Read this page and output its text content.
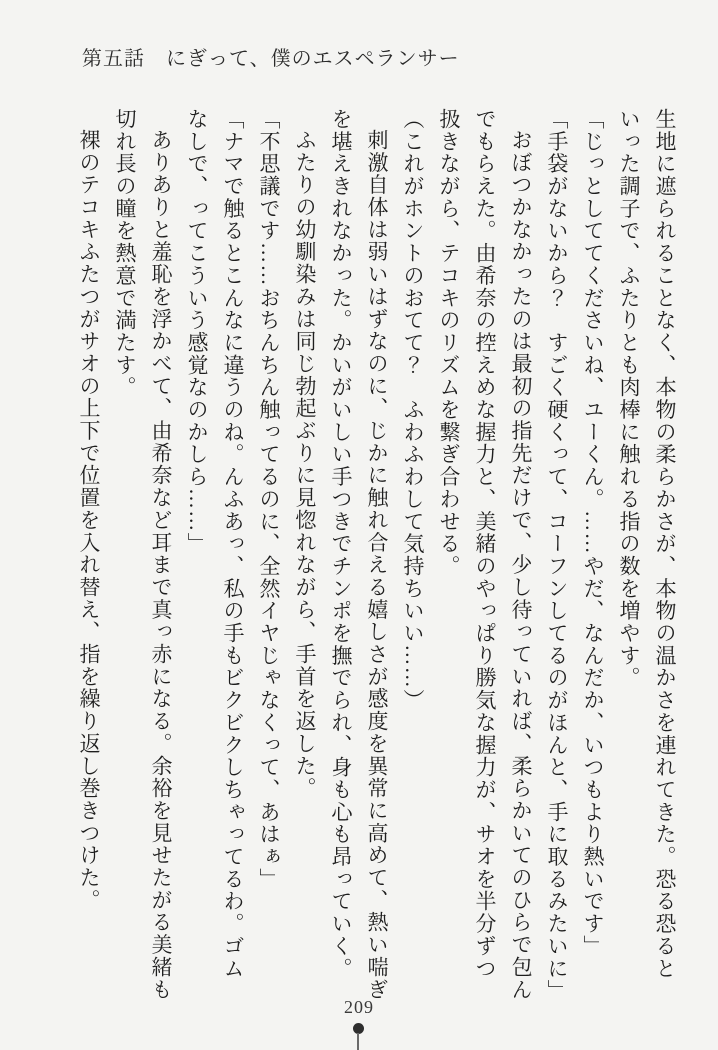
第五話　にぎって、僕のエスペランサー

生地に遮られることなく、本物の柔らかさが、本物の温かさを連れてきた。恐る恐るといった調子で、ふたりとも肉棒に触れる指の数を増やす。

「じっとしててくださいね、ユーくん。……やだ、なんだか、いつもより熱いです」

「手袋がないから？　すごく硬くって、コーフンしてるのがほんと、手に取るみたいに」

おぼつかなかったのは最初の指先だけで、少し待っていれば、柔らかいてのひらで包んでもらえた。由希奈の控えめな握力と、美緒のやっぱり勝気な握力が、サオを半分ずつ扱きながら、テコキのリズムを繋ぎ合わせる。

（これがホントのおてて？　ふわふわして気持ちいい……）

刺激自体は弱いはずなのに、じかに触れ合える嬉しさが感度を異常に高めて、熱い喘ぎを堪えきれなかった。かいがいしい手つきでチンポを撫でられ、身も心も昂っていく。

ふたりの幼馴染みは同じ勃起ぶりに見惚れながら、手首を返した。

「不思議です……おちんちん触ってるのに、全然イヤじゃなくって、あはぁ」

「ナマで触るとこんなに違うのね。んふあっ、私の手もビクビクしちゃってるわ。ゴムなしで、ってこういう感覚なのかしら……」

ありありと羞恥を浮かべて、由希奈など耳まで真っ赤になる。余裕を見せたがる美緒も切れ長の瞳を熱意で満たす。

裸のテコキふたつがサオの上下で位置を入れ替え、指を繰り返し巻きつけた。

209
